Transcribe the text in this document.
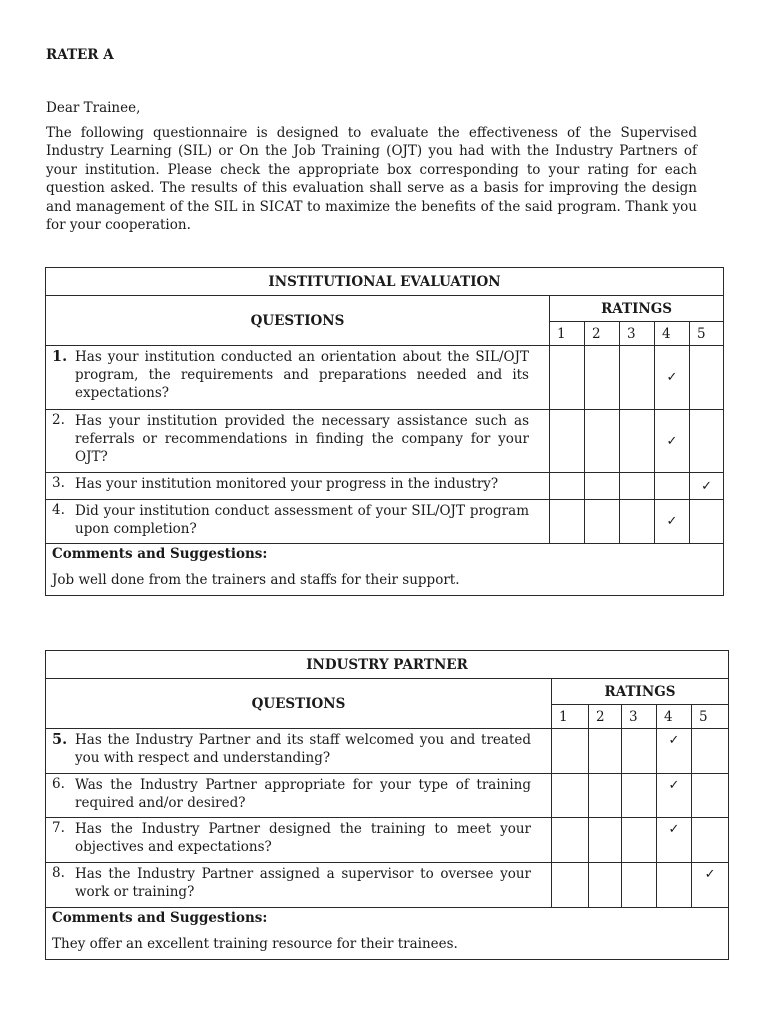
RATER A
Dear Trainee,
The following questionnaire is designed to evaluate the effectiveness of the Supervised Industry Learning (SIL) or On the Job Training (OJT) you had with the Industry Partners of your institution. Please check the appropriate box corresponding to your rating for each question asked. The results of this evaluation shall serve as a basis for improving the design and management of the SIL in SICAT to maximize the benefits of the said program. Thank you for your cooperation.
INSTITUTIONAL EVALUATION					
QUESTIONS	RATINGS				
	1	2	3	4	5

1. Has your institution conducted an orientation about the SIL/OJT program, the requirements and preparations needed and its expectations?				✓	

2. Has your institution provided the necessary assistance such as referrals or recommendations in finding the company for your OJT?				✓	

3. Has your institution monitored your progress in the industry?					✓

4. Did your institution conduct assessment of your SIL/OJT program upon completion?				✓	

Comments and Suggestions:
Job well done from the trainers and staffs for their support.					
INDUSTRY PARTNER					
QUESTIONS	RATINGS				
	1	2	3	4	5

5. Has the Industry Partner and its staff welcomed you and treated you with respect and understanding?				✓	

6. Was the Industry Partner appropriate for your type of training required and/or desired?				✓	

7. Has the Industry Partner designed the training to meet your objectives and expectations?				✓	

8. Has the Industry Partner assigned a supervisor to oversee your work or training?					✓

Comments and Suggestions:
They offer an excellent training resource for their trainees.					
